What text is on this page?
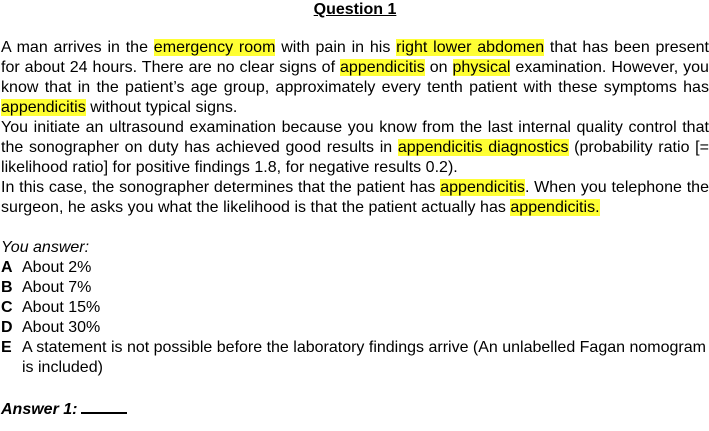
Question 1

A man arrives in the emergency room with pain in his right lower abdomen that has been present for about 24 hours. There are no clear signs of appendicitis on physical examination. However, you know that in the patient’s age group, approximately every tenth patient with these symptoms has appendicitis without typical signs.

You initiate an ultrasound examination because you know from the last internal quality control that the sonographer on duty has achieved good results in appendicitis diagnostics (probability ratio [= likelihood ratio] for positive findings 1.8, for negative results 0.2).

In this case, the sonographer determines that the patient has appendicitis. When you telephone the surgeon, he asks you what the likelihood is that the patient actually has appendicitis.

You answer:

A About 2%
B About 7%
C About 15%
D About 30%
E A statement is not possible before the laboratory findings arrive (An unlabelled Fagan nomogram is included)

Answer 1:
